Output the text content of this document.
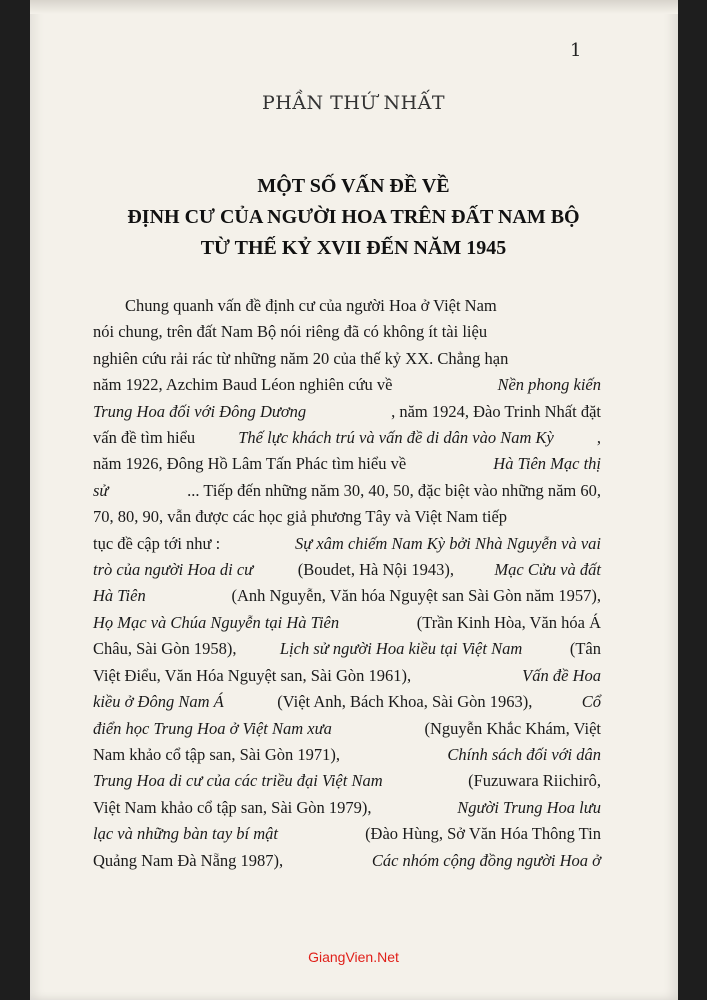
1
PHẦN THỨ NHẤT
MỘT SỐ VẤN ĐỀ VỀ
ĐỊNH CƯ CỦA NGƯỜI HOA TRÊN ĐẤT NAM BỘ
TỪ THẾ KỶ XVII ĐẾN NĂM 1945
Chung quanh vấn đề định cư của người Hoa ở Việt Nam
nói chung, trên đất Nam Bộ nói riêng đã có không ít tài liệu
nghiên cứu rải rác từ những năm 20 của thế kỷ XX. Chẳng hạn
năm 1922, Azchim Baud Léon nghiên cứu về	Nền phong kiến
Trung Hoa đối với Đông Dương	, năm 1924, Đào Trinh Nhất đặt
vấn đề tìm hiểu	Thế lực khách trú và vấn đề di dân vào Nam Kỳ	,
năm 1926, Đông Hồ Lâm Tấn Phác tìm hiểu về	Hà Tiên Mạc thị
sử	... Tiếp đến những năm 30, 40, 50, đặc biệt vào những năm 60,
70, 80, 90, vẫn được các học giả phương Tây và Việt Nam tiếp
tục đề cập tới như :	Sự xâm chiếm Nam Kỳ bởi Nhà Nguyễn và vai
trò của người Hoa di cư (Boudet, Hà Nội 1943), Mạc Cửu và đất
Hà Tiên	(Anh Nguyễn, Văn hóa Nguyệt san Sài Gòn năm 1957),
Họ Mạc và Chúa Nguyễn tại Hà Tiên	(Trần Kinh Hòa, Văn hóa Á
Châu, Sài Gòn 1958),	Lịch sử người Hoa kiều tại Việt Nam	(Tân
Việt Điểu, Văn Hóa Nguyệt san, Sài Gòn 1961),	Vấn đề Hoa
kiều ở Đông Nam Á	(Việt Anh, Bách Khoa, Sài Gòn 1963),	Cổ
điển học Trung Hoa ở Việt Nam xưa	(Nguyễn Khắc Khám, Việt
Nam khảo cổ tập san, Sài Gòn 1971),	Chính sách đối với dân
Trung Hoa di cư của các triều đại Việt Nam	(Fuzuwara Riichirô,
Việt Nam khảo cổ tập san, Sài Gòn 1979),	Người Trung Hoa lưu
lạc và những bàn tay bí mật	(Đào Hùng, Sở Văn Hóa Thông Tin
Quảng Nam Đà Nẵng 1987),	Các nhóm cộng đồng người Hoa ở
GiangVien.Net
